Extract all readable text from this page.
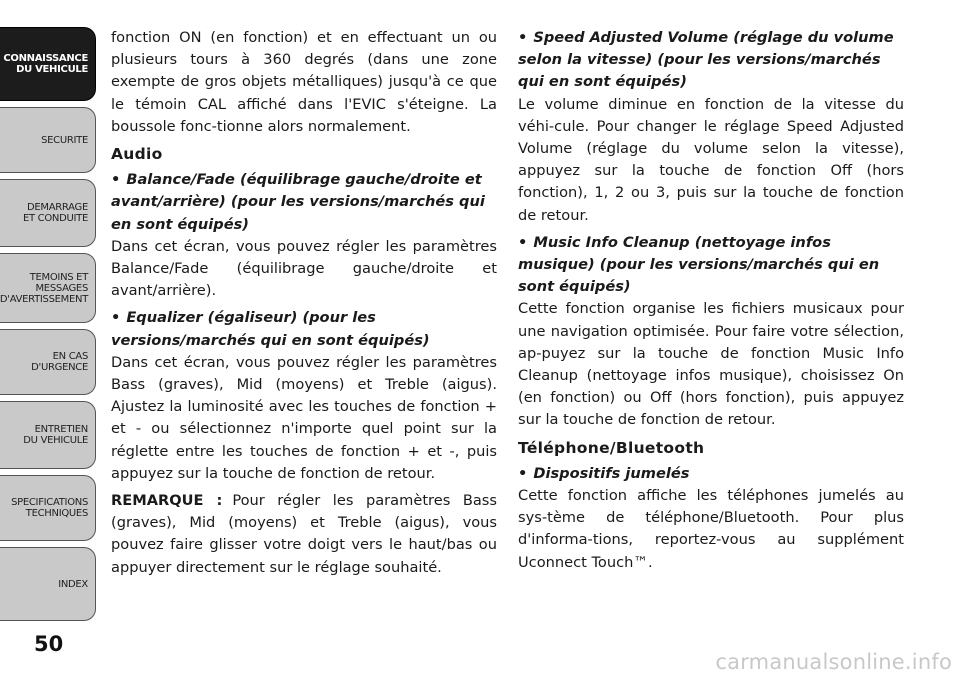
CONNAISSANCE
DU VEHICULE
SECURITE
DEMARRAGE
ET CONDUITE
TEMOINS ET
MESSAGES
D'AVERTISSEMENT
EN CAS
D'URGENCE
ENTRETIEN
DU VEHICULE
SPECIFICATIONS
TECHNIQUES
INDEX
50

fonction ON (en fonction) et en effectuant un ou plusieurs tours à 360 degrés (dans une zone exempte de gros objets métalliques) jusqu'à ce que le témoin CAL affiché dans l'EVIC s'éteigne. La boussole fonc-tionne alors normalement.

Audio

• Balance/Fade (équilibrage gauche/droite et avant/arrière) (pour les versions/marchés qui en sont équipés)

Dans cet écran, vous pouvez régler les paramètres Balance/Fade (équilibrage gauche/droite et avant/arrière).

• Equalizer (égaliseur) (pour les versions/marchés qui en sont équipés)

Dans cet écran, vous pouvez régler les paramètres Bass (graves), Mid (moyens) et Treble (aigus). Ajustez la luminosité avec les touches de fonction + et - ou sélectionnez n'importe quel point sur la réglette entre les touches de fonction + et -, puis appuyez sur la touche de fonction de retour.

REMARQUE : Pour régler les paramètres Bass (graves), Mid (moyens) et Treble (aigus), vous pouvez faire glisser votre doigt vers le haut/bas ou appuyer directement sur le réglage souhaité.

• Speed Adjusted Volume (réglage du volume selon la vitesse) (pour les versions/marchés qui en sont équipés)

Le volume diminue en fonction de la vitesse du véhi-cule. Pour changer le réglage Speed Adjusted Volume (réglage du volume selon la vitesse), appuyez sur la touche de fonction Off (hors fonction), 1, 2 ou 3, puis sur la touche de fonction de retour.

• Music Info Cleanup (nettoyage infos musique) (pour les versions/marchés qui en sont équipés)

Cette fonction organise les fichiers musicaux pour une navigation optimisée. Pour faire votre sélection, ap-puyez sur la touche de fonction Music Info Cleanup (nettoyage infos musique), choisissez On (en fonction) ou Off (hors fonction), puis appuyez sur la touche de fonction de retour.

Téléphone/Bluetooth

• Dispositifs jumelés

Cette fonction affiche les téléphones jumelés au sys-tème de téléphone/Bluetooth. Pour plus d'informa-tions, reportez-vous au supplément Uconnect Touch™.

carmanualsonline.info
